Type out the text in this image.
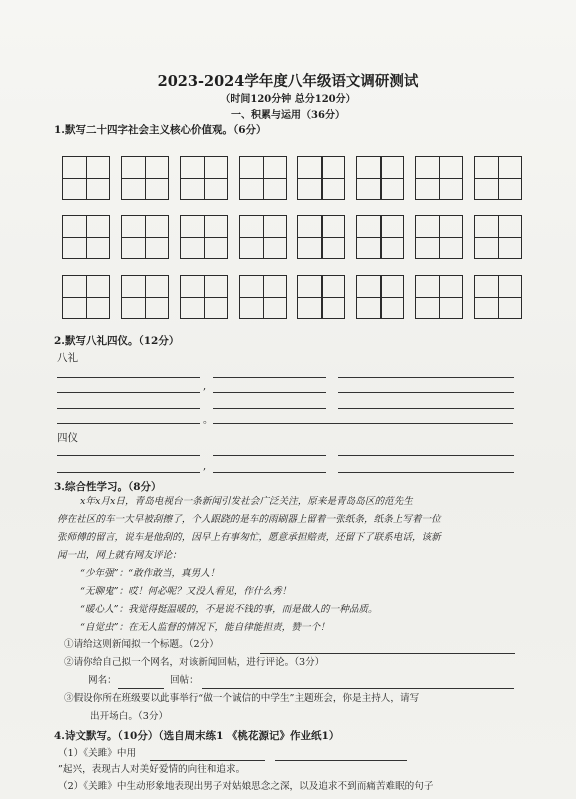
2023-2024学年度八年级语文调研测试
（时间120分钟 总分120分）
一、积累与运用（36分）
1.默写二十四字社会主义核心价值观。（6分）
2.默写八礼四仪。（12分）
八礼
,
。
四仪
,
3.综合性学习。（8分）
x年x月x日，青岛电视台一条新闻引发社会广泛关注，原来是青岛岛区的范先生
停在社区的车一大早被刮擦了，个人跟跷的是车的雨刷器上留着一张纸条，纸条上写着一位
张师傅的留言，说车是他刮的，因早上有事匆忙，愿意承担赔责，还留下了联系电话，该新
闻一出，网上就有网友评论：
“少年强”：“敢作敢当，真男人！
“无聊鬼”：哎！何必呢？又没人看见，作什么秀！
“暖心人”：我觉得挺温暖的，不是说不钱的事，而是做人的一种品质。
“自觉虫”：在无人监督的情况下，能自律能担责，赞一个！
①请给这则新闻拟一个标题。（2分）
②请你给自己拟一个网名，对该新闻回帖，进行评论。（3分）
网名：	回帖：
③假设你所在班级要以此事举行“做一个诚信的中学生”主题班会，你是主持人，请写
出开场白。（3分）
4.诗文默写。（10分）（选自周末练1 《桃花源记》作业纸1）
（1）《关雎》中用
”起兴，表现古人对美好爱情的向往和追求。
（2）《关雎》中生动形象地表现出男子对姑娘思念之深，以及追求不到而痛苦难眠的句子
